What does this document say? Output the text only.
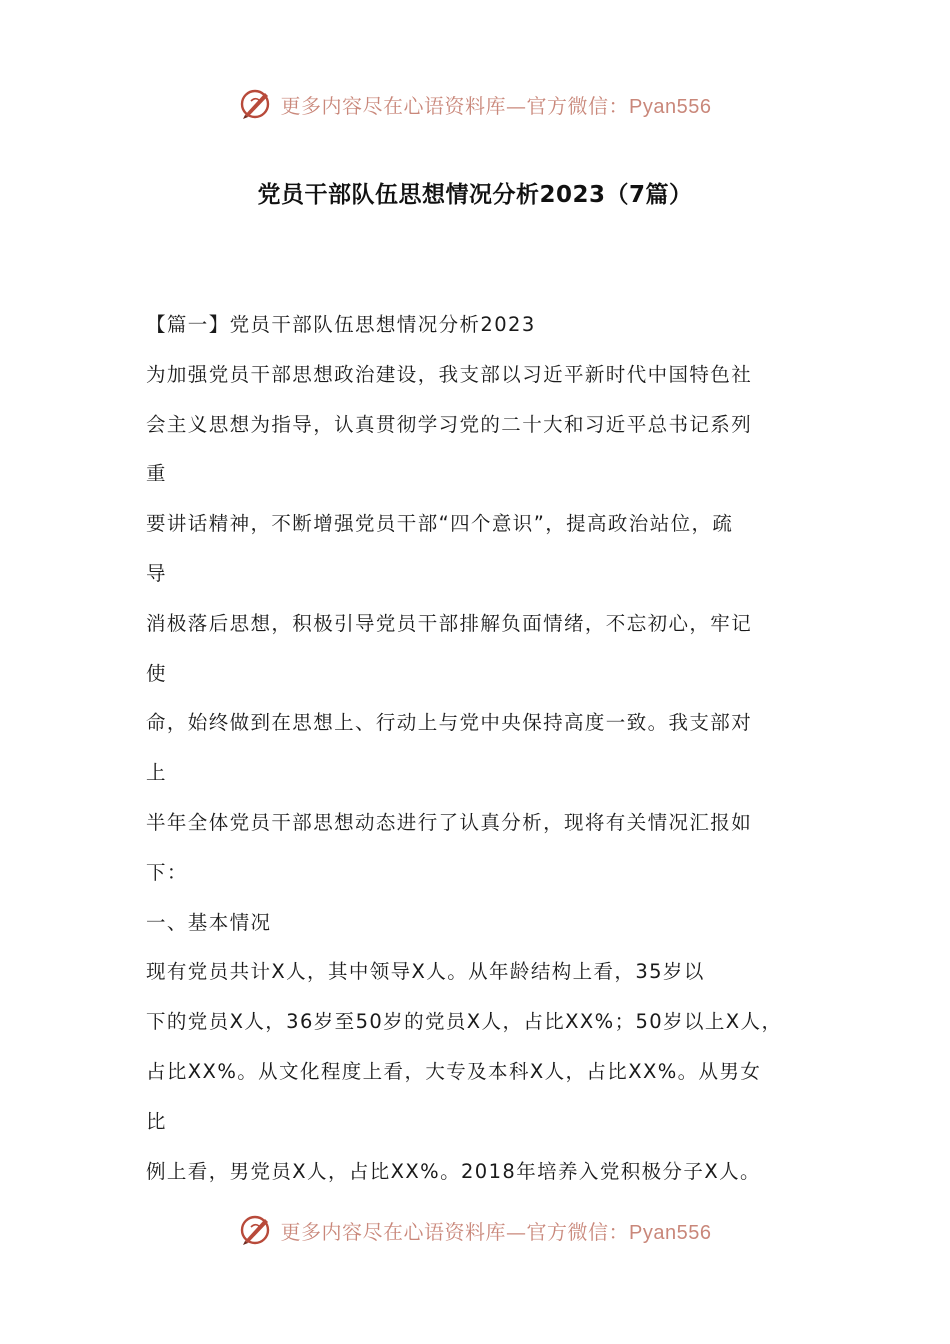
更多内容尽在心语资料库—官方微信：Pyan556
党员干部队伍思想情况分析2023（7篇）
【篇一】党员干部队伍思想情况分析2023
为加强党员干部思想政治建设，我支部以习近平新时代中国特色社
会主义思想为指导，认真贯彻学习党的二十大和习近平总书记系列
重
要讲话精神，不断增强党员干部“四个意识”，提高政治站位，疏
导
消极落后思想，积极引导党员干部排解负面情绪，不忘初心，牢记
使
命，始终做到在思想上、行动上与党中央保持高度一致。我支部对
上
半年全体党员干部思想动态进行了认真分析，现将有关情况汇报如
下：
一、基本情况
现有党员共计X人，其中领导X人。从年龄结构上看，35岁以
下的党员X人，36岁至50岁的党员X人，占比XX%；50岁以上X人，
占比XX%。从文化程度上看，大专及本科X人，占比XX%。从男女
比
例上看，男党员X人，占比XX%。2018年培养入党积极分子X人。
更多内容尽在心语资料库—官方微信：Pyan556
